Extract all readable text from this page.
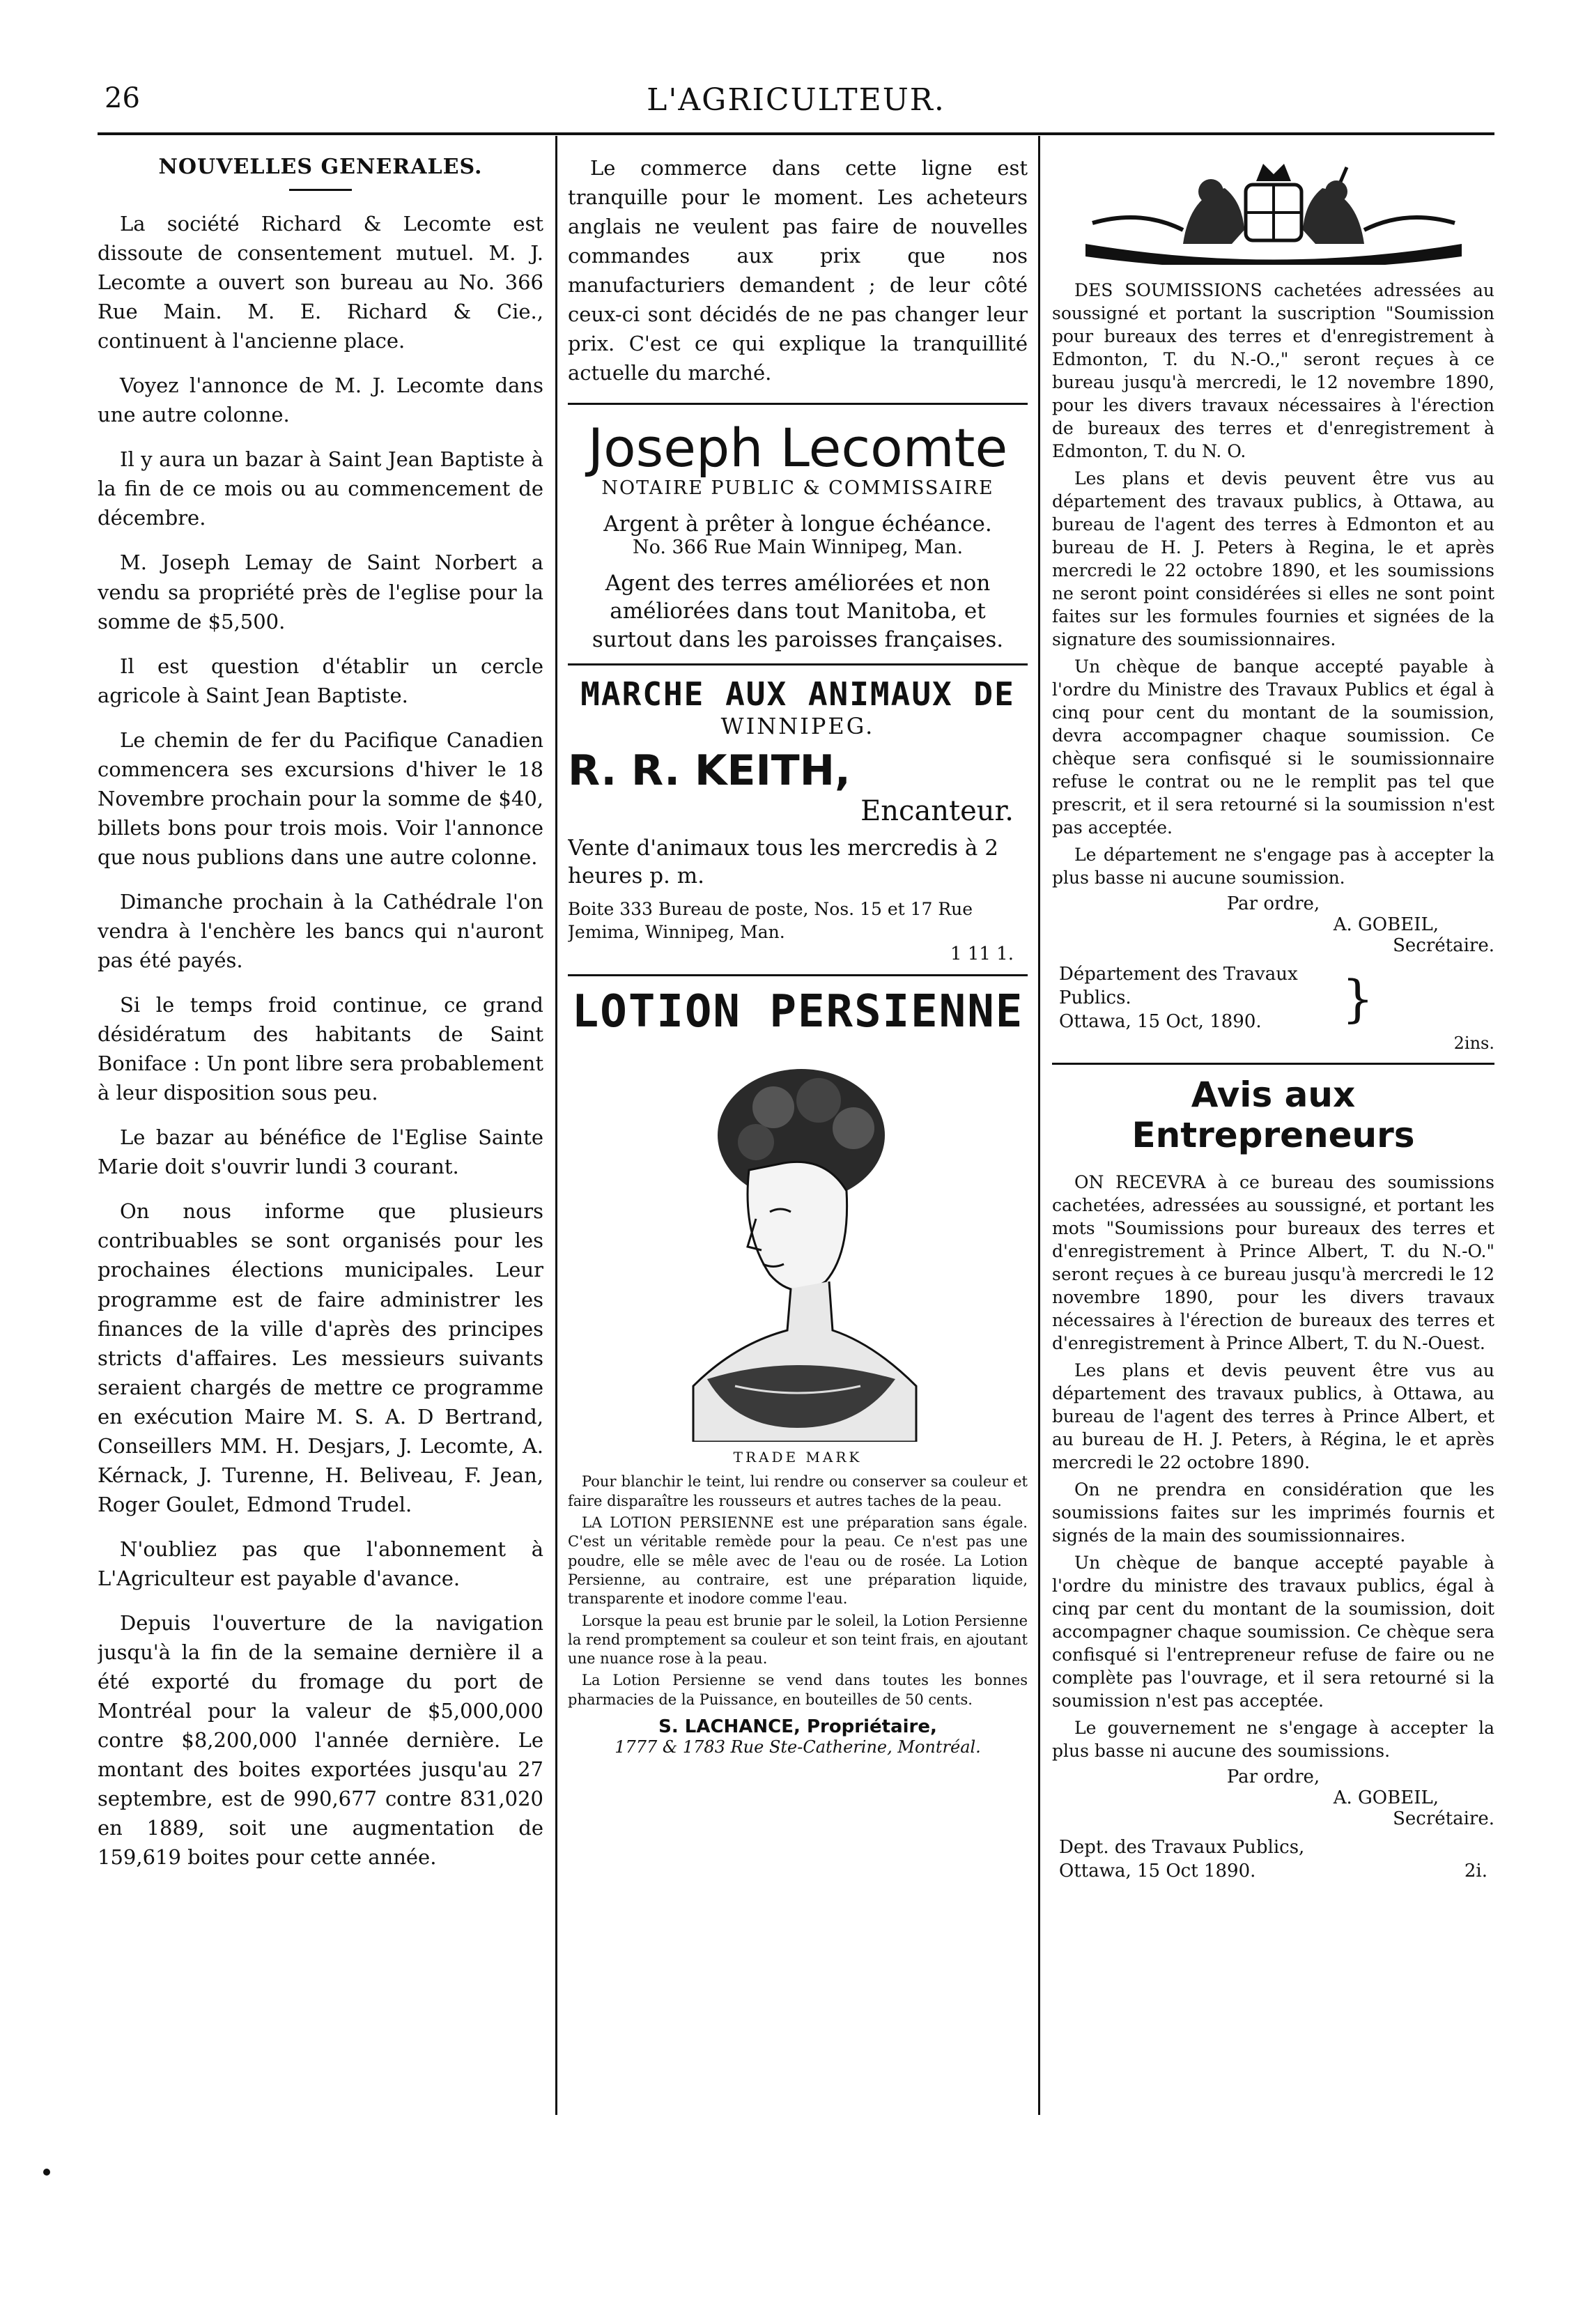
26	L'AGRICULTEUR.
NOUVELLES GENERALES.

La société Richard & Lecomte est dissoute de consentement mutuel. M. J. Lecomte a ouvert son bureau au No. 366 Rue Main. M. E. Richard & Cie., continuent à l'ancienne place.

Voyez l'annonce de M. J. Lecomte dans une autre colonne.

Il y aura un bazar à Saint Jean Baptiste à la fin de ce mois ou au commencement de décembre.

M. Joseph Lemay de Saint Norbert a vendu sa propriété près de l'eglise pour la somme de $5,500.

Il est question d'établir un cercle agricole à Saint Jean Baptiste.

Le chemin de fer du Pacifique Canadien commencera ses excursions d'hiver le 18 Novembre prochain pour la somme de $40, billets bons pour trois mois. Voir l'annonce que nous publions dans une autre colonne.

Dimanche prochain à la Cathédrale l'on vendra à l'enchère les bancs qui n'auront pas été payés.

Si le temps froid continue, ce grand désidératum des habitants de Saint Boniface : Un pont libre sera probablement à leur disposition sous peu.

Le bazar au bénéfice de l'Eglise Sainte Marie doit s'ouvrir lundi 3 courant.

On nous informe que plusieurs contribuables se sont organisés pour les prochaines élections municipales. Leur programme est de faire administrer les finances de la ville d'après des principes stricts d'affaires. Les messieurs suivants seraient chargés de mettre ce programme en exécution Maire M. S. A. D Bertrand, Conseillers MM. H. Desjars, J. Lecomte, A. Kérnack, J. Turenne, H. Beliveau, F. Jean, Roger Goulet, Edmond Trudel.

N'oubliez pas que l'abonnement à L'Agriculteur est payable d'avance.

Depuis l'ouverture de la navigation jusqu'à la fin de la semaine dernière il a été exporté du fromage du port de Montréal pour la valeur de $5,000,000 contre $8,200,000 l'année dernière. Le montant des boites exportées jusqu'au 27 septembre, est de 990,677 contre 831,020 en 1889, soit une augmentation de 159,619 boites pour cette année.

Le commerce dans cette ligne est tranquille pour le moment. Les acheteurs anglais ne veulent pas faire de nouvelles commandes aux prix que nos manufacturiers demandent ; de leur côté ceux-ci sont décidés de ne pas changer leur prix. C'est ce qui explique la tranquillité actuelle du marché.

Joseph Lecomte
NOTAIRE PUBLIC & COMMISSAIRE
Argent à prêter à longue échéance.
No. 366 Rue Main Winnipeg, Man.
Agent des terres améliorées et non améliorées dans tout Manitoba, et surtout dans les paroisses françaises.
MARCHE AUX ANIMAUX DE
WINNIPEG.
R. R. KEITH,
Encanteur.
Vente d'animaux tous les mercredis à 2 heures p. m.
Boite 333 Bureau de poste, Nos. 15 et 17 Rue Jemima, Winnipeg, Man.
1 11 1.
LOTION PERSIENNE
TRADE MARK

Pour blanchir le teint, lui rendre ou conserver sa couleur et faire disparaître les rousseurs et autres taches de la peau.

LA LOTION PERSIENNE est une préparation sans égale. C'est un véritable remède pour la peau. Ce n'est pas une poudre, elle se mêle avec de l'eau ou de rosée. La Lotion Persienne, au contraire, est une préparation liquide, transparente et inodore comme l'eau.

Lorsque la peau est brunie par le soleil, la Lotion Persienne la rend promptement sa couleur et son teint frais, en ajoutant une nuance rose à la peau.

La Lotion Persienne se vend dans toutes les bonnes pharmacies de la Puissance, en bouteilles de 50 cents.

S. LACHANCE, Propriétaire,
1777 & 1783 Rue Ste-Catherine, Montréal.

DES SOUMISSIONS cachetées adressées au soussigné et portant la suscription "Soumission pour bureaux des terres et d'enregistrement à Edmonton, T. du N.-O.," seront reçues à ce bureau jusqu'à mercredi, le 12 novembre 1890, pour les divers travaux nécessaires à l'érection de bureaux des terres et d'enregistrement à Edmonton, T. du N. O.

Les plans et devis peuvent être vus au département des travaux publics, à Ottawa, au bureau de l'agent des terres à Edmonton et au bureau de H. J. Peters à Regina, le et après mercredi le 22 octobre 1890, et les soumissions ne seront point considérées si elles ne sont point faites sur les formules fournies et signées de la signature des soumissionnaires.

Un chèque de banque accepté payable à l'ordre du Ministre des Travaux Publics et égal à cinq pour cent du montant de la soumission, devra accompagner chaque soumission. Ce chèque sera confisqué si le soumissionnaire refuse le contrat ou ne le remplit pas tel que prescrit, et il sera retourné si la soumission n'est pas acceptée.

Le département ne s'engage pas à accepter la plus basse ni aucune soumission.

Par ordre,
A. GOBEIL,
Secrétaire.
Département des Travaux Publics.
Ottawa, 15 Oct, 1890.	}
2ins.
Avis aux Entrepreneurs

ON RECEVRA à ce bureau des soumissions cachetées, adressées au soussigné, et portant les mots "Soumissions pour bureaux des terres et d'enregistrement à Prince Albert, T. du N.-O." seront reçues à ce bureau jusqu'à mercredi le 12 novembre 1890, pour les divers travaux nécessaires à l'érection de bureaux des terres et d'enregistrement à Prince Albert, T. du N.-Ouest.

Les plans et devis peuvent être vus au département des travaux publics, à Ottawa, au bureau de l'agent des terres à Prince Albert, et au bureau de H. J. Peters, à Régina, le et après mercredi le 22 octobre 1890.

On ne prendra en considération que les soumissions faites sur les imprimés fournis et signés de la main des soumissionnaires.

Un chèque de banque accepté payable à l'ordre du ministre des travaux publics, égal à cinq par cent du montant de la soumission, doit accompagner chaque soumission. Ce chèque sera confisqué si l'entrepreneur refuse de faire ou ne complète pas l'ouvrage, et il sera retourné si la soumission n'est pas acceptée.

Le gouvernement ne s'engage à accepter la plus basse ni aucune des soumissions.

Par ordre,
A. GOBEIL,
Secrétaire.
Dept. des Travaux Publics,
Ottawa, 15 Oct 1890.	2i.
